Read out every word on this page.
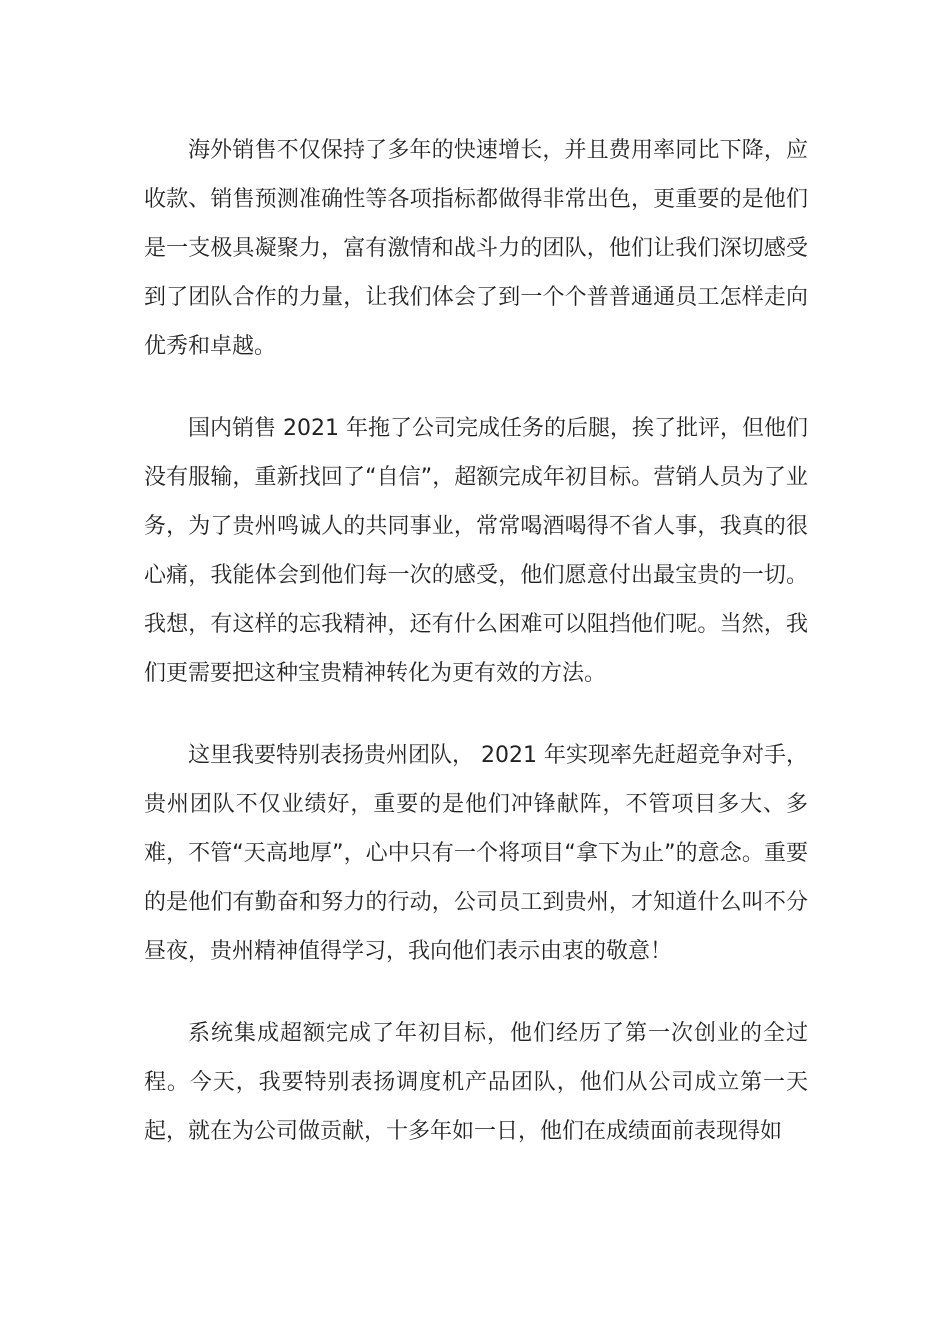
海外销售不仅保持了多年的快速增长，并且费用率同比下降，应收款、销售预测准确性等各项指标都做得非常出色，更重要的是他们是一支极具凝聚力，富有激情和战斗力的团队，他们让我们深切感受到了团队合作的力量，让我们体会了到一个个普普通通员工怎样走向优秀和卓越。

国内销售 2021 年拖了公司完成任务的后腿，挨了批评，但他们没有服输，重新找回了“自信”，超额完成年初目标。营销人员为了业务，为了贵州鸣诚人的共同事业，常常喝酒喝得不省人事，我真的很心痛，我能体会到他们每一次的感受，他们愿意付出最宝贵的一切。我想，有这样的忘我精神，还有什么困难可以阻挡他们呢。当然，我们更需要把这种宝贵精神转化为更有效的方法。

这里我要特别表扬贵州团队， 2021 年实现率先赶超竞争对手，贵州团队不仅业绩好，重要的是他们冲锋献阵，不管项目多大、多难，不管“天高地厚”，心中只有一个将项目“拿下为止”的意念。重要的是他们有勤奋和努力的行动，公司员工到贵州，才知道什么叫不分昼夜，贵州精神值得学习，我向他们表示由衷的敬意！

系统集成超额完成了年初目标，他们经历了第一次创业的全过程。今天，我要特别表扬调度机产品团队，他们从公司成立第一天起，就在为公司做贡献，十多年如一日，他们在成绩面前表现得如
